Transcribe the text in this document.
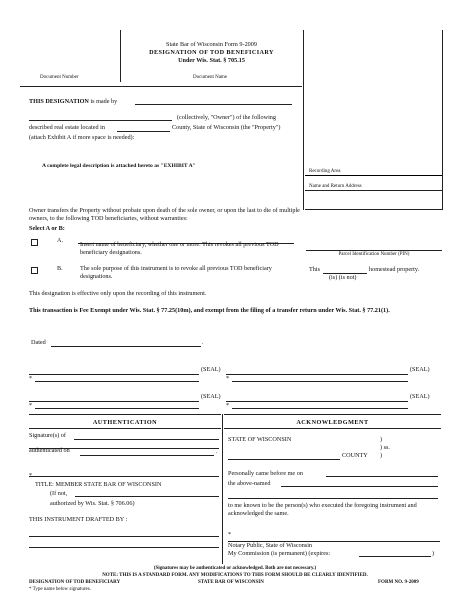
State Bar of Wisconsin Form 9-2009
DESIGNATION OF TOD BENEFICIARY
Under Wis. Stat. § 705.15
Document Number	Document Name
THIS DESIGNATION is made by
(collectively, "Owner") of the following
described real estate located in	County, State of Wisconsin (the "Property")
(attach Exhibit A if more space is needed):
A complete legal description is attached hereto as "EXHIBIT A"
Recording Area
Name and Return Address
Parcel Identification Number (PIN)
This	homestead property.
(is) (is not)
Owner transfers the Property without probate upon death of the sole owner, or upon the last to die of multiple owners, to the following TOD beneficiaries, without warranties:
Select A or B:
A.
Insert name of beneficiary, whether one or more. This revokes all previous TOD beneficiary designations.
B.	The sole purpose of this instrument is to revoke all previous TOD beneficiary designations.
This designation is effective only upon the recording of this instrument.
This transaction is Fee Exempt under Wis. Stat. § 77.25(10m), and exempt from the filing of a transfer return under Wis. Stat. § 77.21(1).
Dated	.
(SEAL)	(SEAL)
*	*
(SEAL)	(SEAL)
*	*
AUTHENTICATION	ACKNOWLEDGMENT
Signature(s) of
authenticated on	.
*
TITLE: MEMBER STATE BAR OF WISCONSIN
(If not,
authorized by Wis. Stat. § 706.06)
THIS INSTRUMENT DRAFTED BY :
STATE OF WISCONSIN	)
) ss.
COUNTY )
Personally came before me on
the above-named
to me known to be the person(s) who executed the foregoing instrument and acknowledged the same.
*
Notary Public, State of Wisconsin
My Commission (is permanent) (expires:	)
(Signatures may be authenticated or acknowledged. Both are not necessary.)
NOTE: THIS IS A STANDARD FORM. ANY MODIFICATIONS TO THIS FORM SHOULD BE CLEARLY IDENTIFIED.
DESIGNATION OF TOD BENEFICIARY	STATE BAR OF WISCONSIN	FORM NO. 9-2009
* Type name below signatures.
